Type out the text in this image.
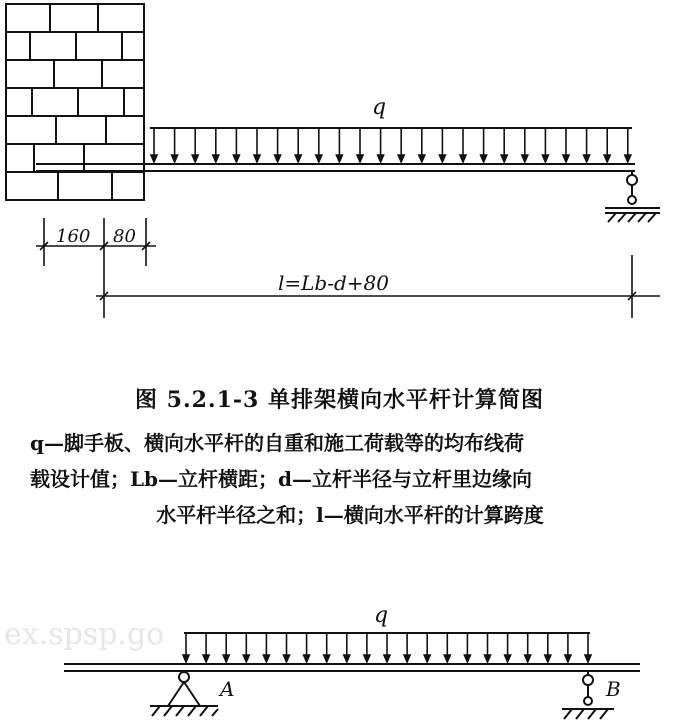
ex.spsp.go
q
160 80
l=Lb-d+80

图 5.2.1-3 单排架横向水平杆计算简图

q—脚手板、横向水平杆的自重和施工荷载等的均布线荷
载设计值；Lb—立杆横距；d—立杆半径与立杆里边缘向
水平杆半径之和；l—横向水平杆的计算跨度

q
A	B
